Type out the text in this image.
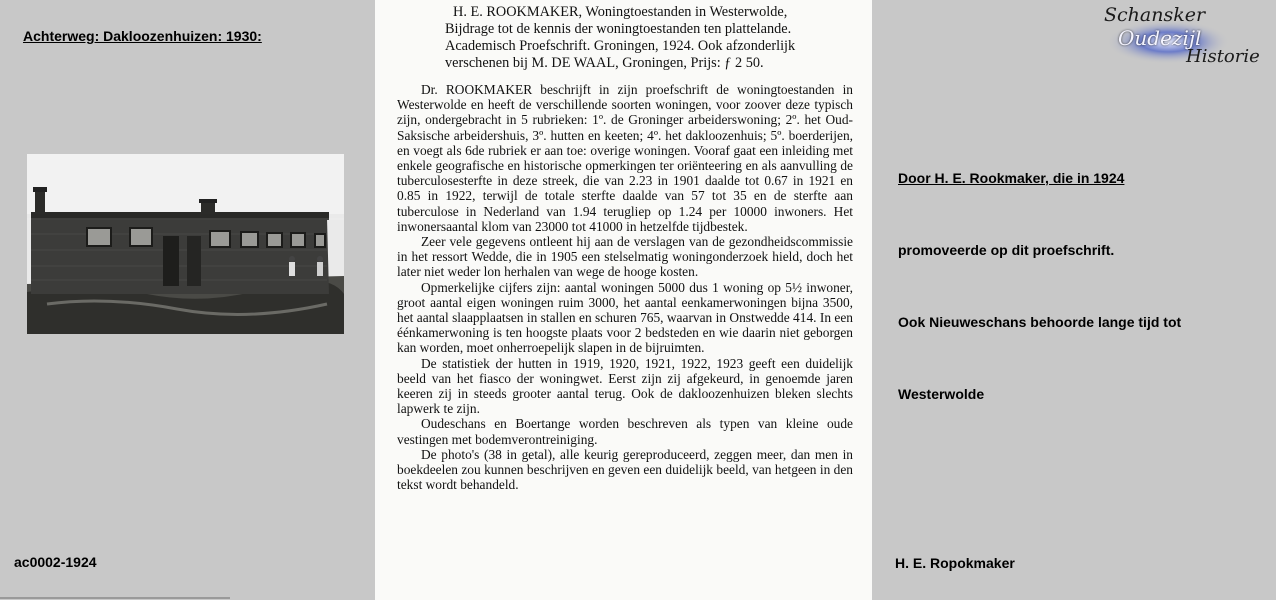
Achterweg: Dakloozenhuizen: 1930:
ac0002-1924
H. E. ROOKMAKER, Woningtoestanden in Westerwolde,
Bijdrage tot de kennis der woningtoestanden ten plattelande.
Academisch Proefschrift. Groningen, 1924. Ook afzonderlijk
verschenen bij M. DE WAAL, Groningen, Prijs: ƒ 2 50.

Dr. ROOKMAKER beschrijft in zijn proefschrift de woningtoestanden in Westerwolde en heeft de verschillende soorten woningen, voor zoover deze typisch zijn, ondergebracht in 5 rubrieken: 1º. de Groninger arbeiderswoning; 2º. het Oud-Saksische arbeidershuis, 3º. hutten en keeten; 4º. het dakloozenhuis; 5º. boerderijen, en voegt als 6de rubriek er aan toe: overige woningen. Vooraf gaat een inleiding met enkele geografische en historische opmerkingen ter oriënteering en als aanvulling de tuberculosesterfte in deze streek, die van 2.23 in 1901 daalde tot 0.67 in 1921 en 0.85 in 1922, terwijl de totale sterfte daalde van 57 tot 35 en de sterfte aan tuberculose in Nederland van 1.94 terugliep op 1.24 per 10000 inwoners. Het inwonersaantal klom van 23000 tot 41000 in hetzelfde tijdbestek.

Zeer vele gegevens ontleent hij aan de verslagen van de gezondheidscommissie in het ressort Wedde, die in 1905 een stelselmatig woningonderzoek hield, doch het later niet weder lon herhalen van wege de hooge kosten.

Opmerkelijke cijfers zijn: aantal woningen 5000 dus 1 woning op 5½ inwoner, groot aantal eigen woningen ruim 3000, het aantal eenkamerwoningen bijna 3500, het aantal slaapplaatsen in stallen en schuren 765, waarvan in Onstwedde 414. In een éénkamerwoning is ten hoogste plaats voor 2 bedsteden en wie daarin niet geborgen kan worden, moet onherroepelijk slapen in de bijruimten.

De statistiek der hutten in 1919, 1920, 1921, 1922, 1923 geeft een duidelijk beeld van het fiasco der woningwet. Eerst zijn zij afgekeurd, in genoemde jaren keeren zij in steeds grooter aantal terug. Ook de dakloozenhuizen bleken slechts lapwerk te zijn.

Oudeschans en Boertange worden beschreven als typen van kleine oude vestingen met bodemverontreiniging.

De photo's (38 in getal), alle keurig gereproduceerd, zeggen meer, dan men in boekdeelen zou kunnen beschrijven en geven een duidelijk beeld, van hetgeen in den tekst wordt behandeld.

Schansker
Oudezijl
Historie
Door H. E. Rookmaker, die in 1924
promoveerde op dit proefschrift.
Ook Nieuweschans behoorde lange tijd tot
Westerwolde
H. E. Ropokmaker
